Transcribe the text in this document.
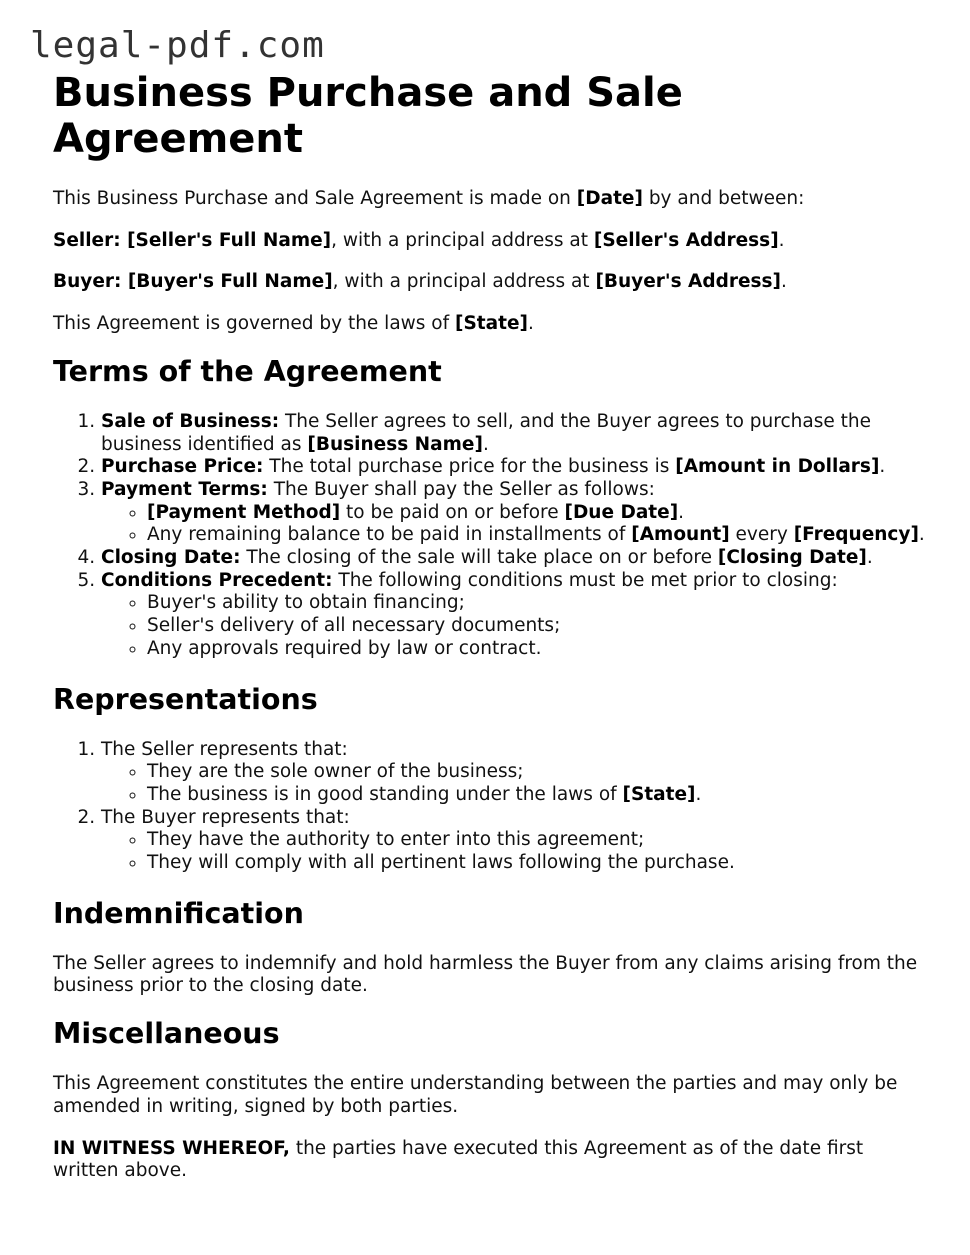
legal-pdf.com
Business Purchase and Sale Agreement

This Business Purchase and Sale Agreement is made on [Date] by and between:

Seller: [Seller's Full Name], with a principal address at [Seller's Address].

Buyer: [Buyer's Full Name], with a principal address at [Buyer's Address].

This Agreement is governed by the laws of [State].

Terms of the Agreement
1. Sale of Business: The Seller agrees to sell, and the Buyer agrees to purchase the business identified as [Business Name].
2. Purchase Price: The total purchase price for the business is [Amount in Dollars].
3. Payment Terms: The Buyer shall pay the Seller as follows:
◦ [Payment Method] to be paid on or before [Due Date].
◦ Any remaining balance to be paid in installments of [Amount] every [Frequency].
4. Closing Date: The closing of the sale will take place on or before [Closing Date].
5. Conditions Precedent: The following conditions must be met prior to closing:
◦ Buyer's ability to obtain financing;
◦ Seller's delivery of all necessary documents;
◦ Any approvals required by law or contract.
Representations
1. The Seller represents that:
◦ They are the sole owner of the business;
◦ The business is in good standing under the laws of [State].
2. The Buyer represents that:
◦ They have the authority to enter into this agreement;
◦ They will comply with all pertinent laws following the purchase.
Indemnification

The Seller agrees to indemnify and hold harmless the Buyer from any claims arising from the business prior to the closing date.

Miscellaneous

This Agreement constitutes the entire understanding between the parties and may only be amended in writing, signed by both parties.

IN WITNESS WHEREOF, the parties have executed this Agreement as of the date first written above.
